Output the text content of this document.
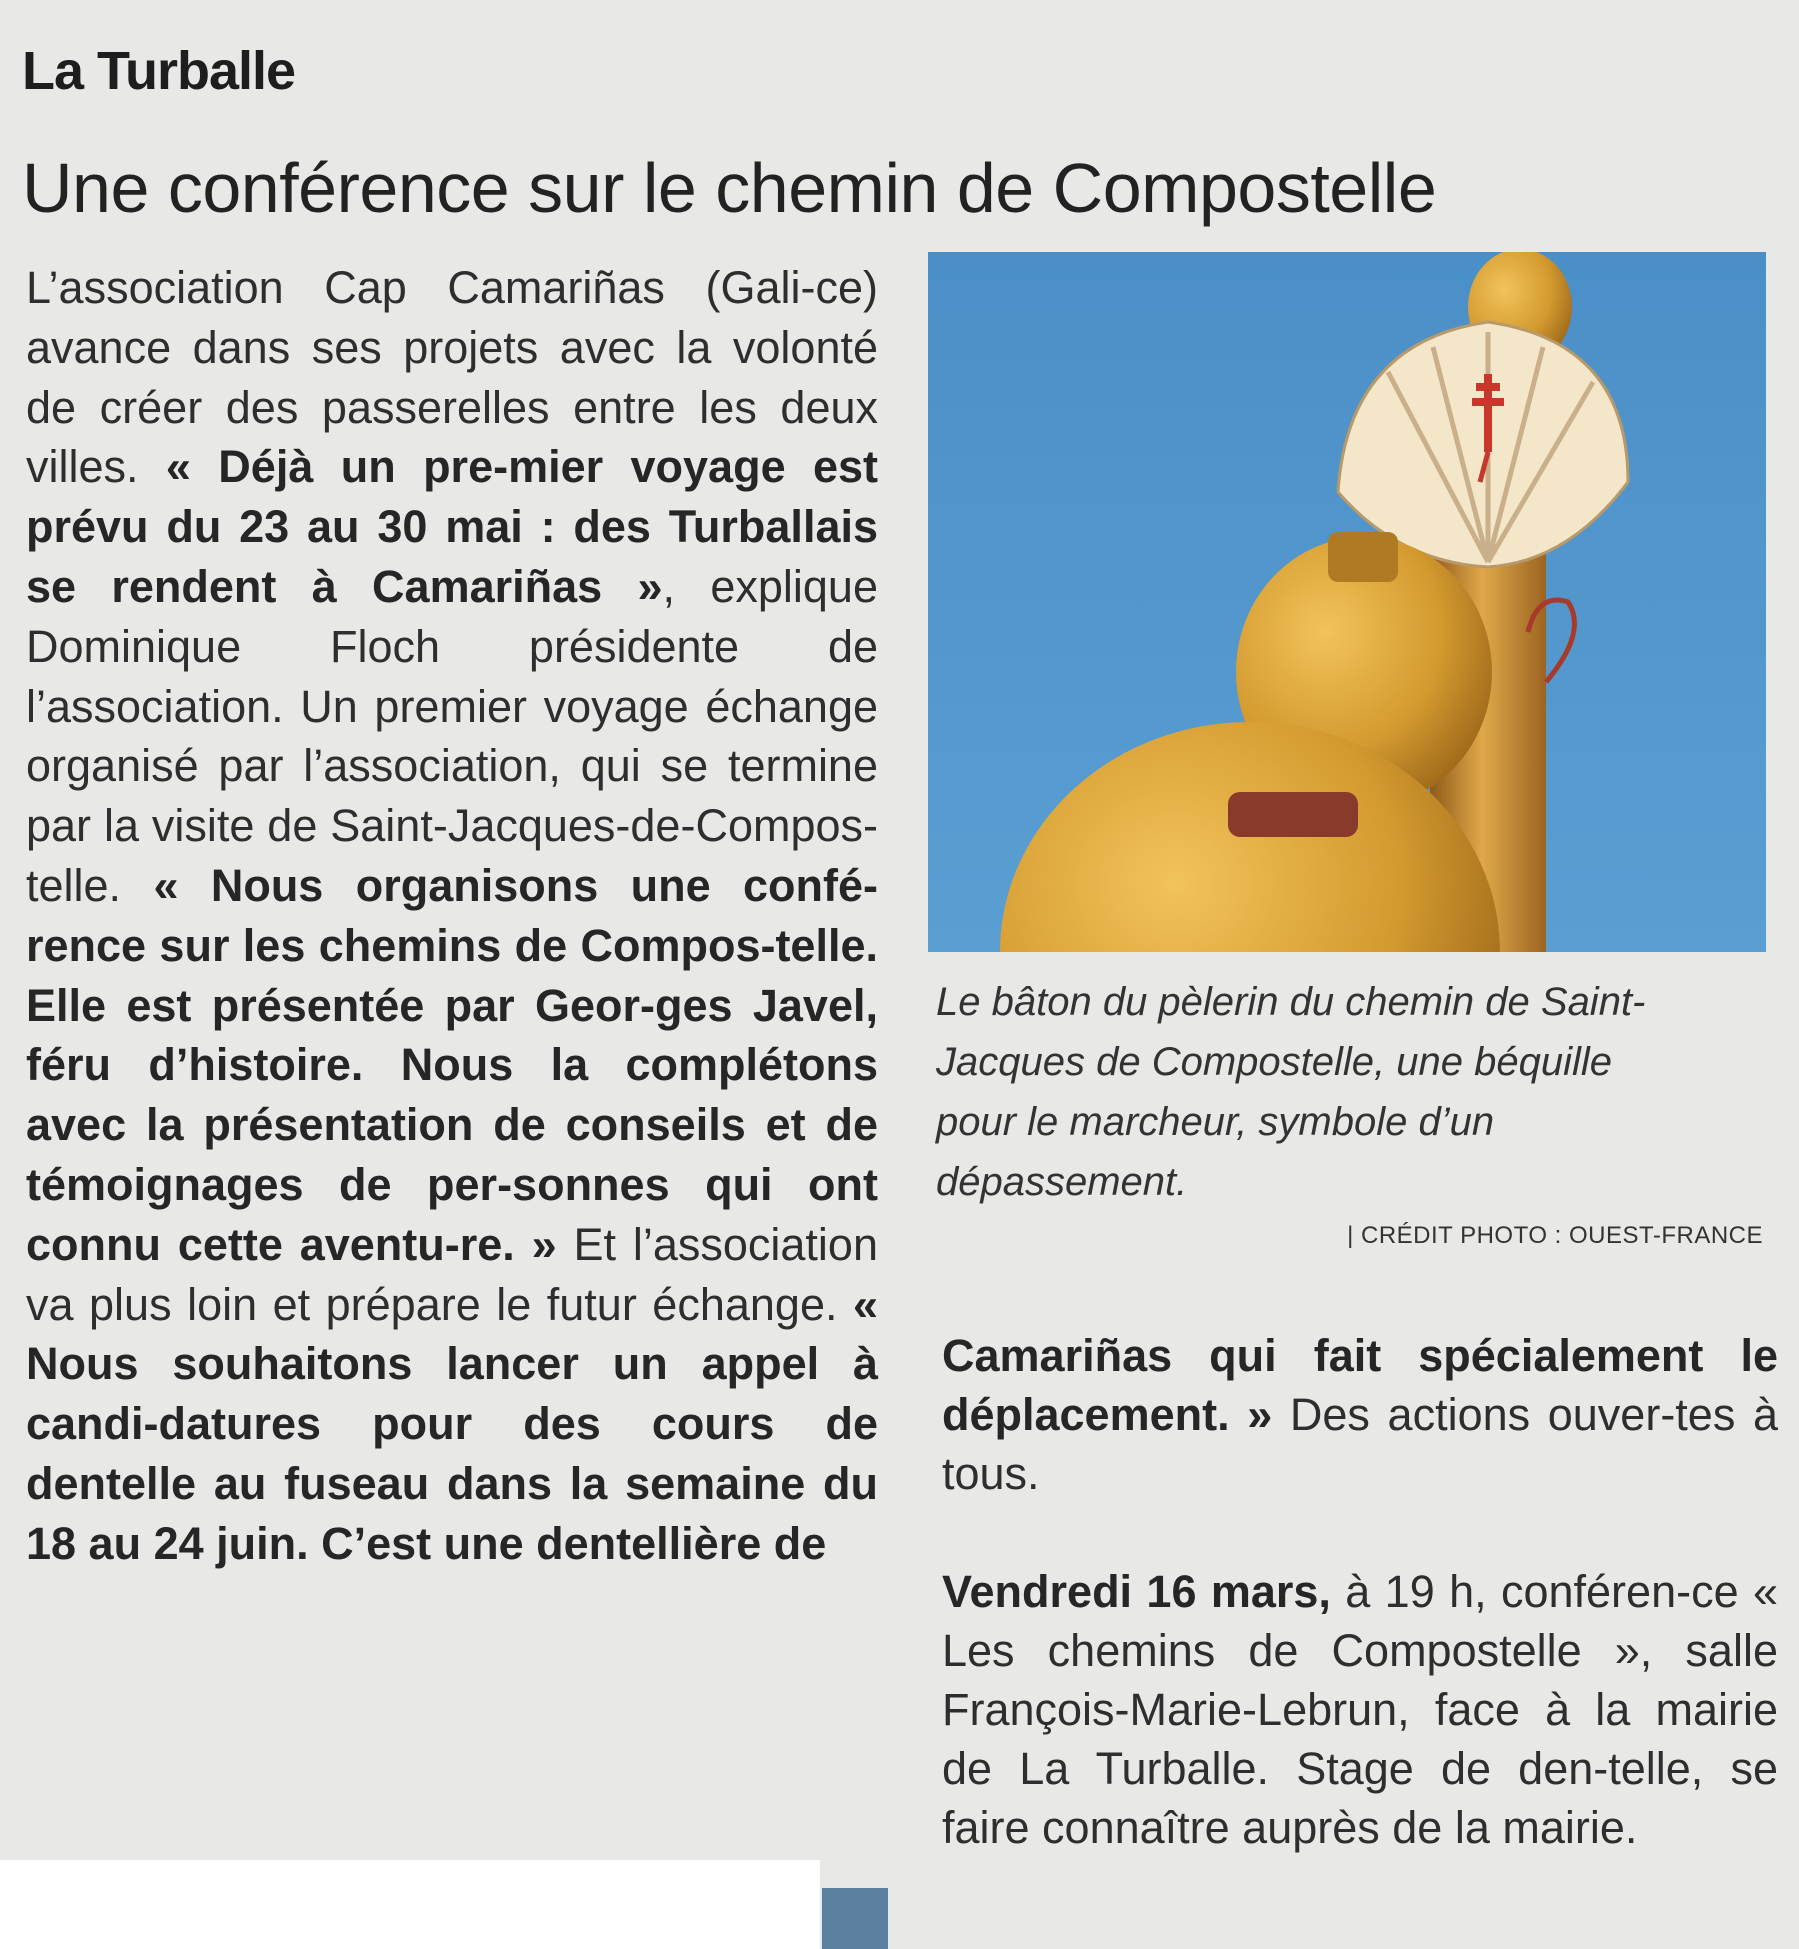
La Turballe
Une conférence sur le chemin de Compostelle
L’association Cap Camariñas (Gali-ce) avance dans ses projets avec la volonté de créer des passerelles entre les deux villes. « Déjà un pre-mier voyage est prévu du 23 au 30 mai : des Turballais se rendent à Camariñas », explique Dominique Floch présidente de l’association. Un premier voyage échange organisé par l’association, qui se termine par la visite de Saint-Jacques-de-Compos-telle. « Nous organisons une confé-rence sur les chemins de Compos-telle. Elle est présentée par Geor-ges Javel, féru d’histoire. Nous la complétons avec la présentation de conseils et de témoignages de per-sonnes qui ont connu cette aventu-re. » Et l’association va plus loin et prépare le futur échange. « Nous souhaitons lancer un appel à candi-datures pour des cours de dentelle au fuseau dans la semaine du 18 au 24 juin. C’est une dentellière de
Le bâton du pèlerin du chemin de Saint-Jacques de Compostelle, une béquille pour le marcheur, symbole d’un dépassement.
| CRÉDIT PHOTO : OUEST-FRANCE
Camariñas qui fait spécialement le déplacement. » Des actions ouver-tes à tous.
Vendredi 16 mars, à 19 h, conféren-ce « Les chemins de Compostelle », salle François-Marie-Lebrun, face à la mairie de La Turballe. Stage de den-telle, se faire connaître auprès de la mairie.
